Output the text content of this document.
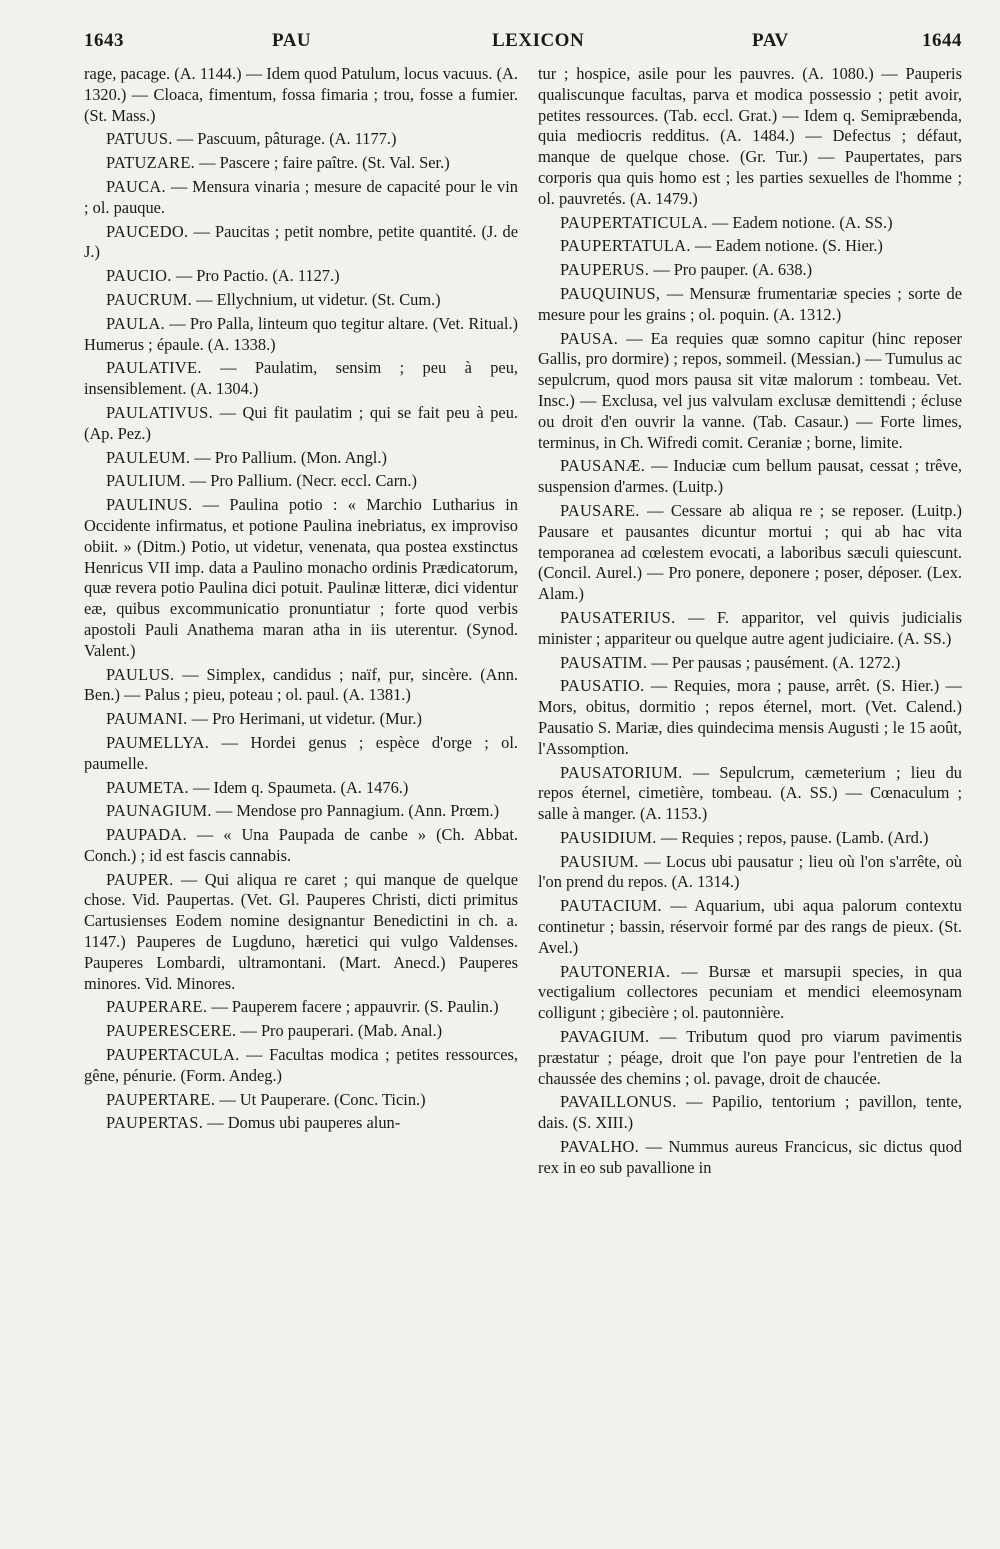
1643	PAU	LEXICON	PAV	1644

rage, pacage. (A. 1144.) — Idem quod Patulum, locus vacuus. (A. 1320.) — Cloaca, fimentum, fossa fimaria ; trou, fosse a fumier. (St. Mass.)

PATUUS. — Pascuum, pâturage. (A. 1177.)

PATUZARE. — Pascere ; faire paître. (St. Val. Ser.)

PAUCA. — Mensura vinaria ; mesure de capacité pour le vin ; ol. pauque.

PAUCEDO. — Paucitas ; petit nombre, petite quantité. (J. de J.)

PAUCIO. — Pro Pactio. (A. 1127.)

PAUCRUM. — Ellychnium, ut videtur. (St. Cum.)

PAULA. — Pro Palla, linteum quo tegitur altare. (Vet. Ritual.) Humerus ; épaule. (A. 1338.)

PAULATIVE. — Paulatim, sensim ; peu à peu, insensiblement. (A. 1304.)

PAULATIVUS. — Qui fit paulatim ; qui se fait peu à peu. (Ap. Pez.)

PAULEUM. — Pro Pallium. (Mon. Angl.)

PAULIUM. — Pro Pallium. (Necr. eccl. Carn.)

PAULINUS. — Paulina potio : « Marchio Lutharius in Occidente infirmatus, et potione Paulina inebriatus, ex improviso obiit. » (Ditm.) Potio, ut videtur, venenata, qua postea exstinctus Henricus VII imp. data a Paulino monacho ordinis Prædicatorum, quæ revera potio Paulina dici potuit. Paulinæ litteræ, dici videntur eæ, quibus excommunicatio pronuntiatur ; forte quod verbis apostoli Pauli Anathema maran atha in iis uterentur. (Synod. Valent.)

PAULUS. — Simplex, candidus ; naïf, pur, sincère. (Ann. Ben.) — Palus ; pieu, poteau ; ol. paul. (A. 1381.)

PAUMANI. — Pro Herimani, ut videtur. (Mur.)

PAUMELLYA. — Hordei genus ; espèce d'orge ; ol. paumelle.

PAUMETA. — Idem q. Spaumeta. (A. 1476.)

PAUNAGIUM. — Mendose pro Pannagium. (Ann. Prœm.)

PAUPADA. — « Una Paupada de canbe » (Ch. Abbat. Conch.) ; id est fascis cannabis.

PAUPER. — Qui aliqua re caret ; qui manque de quelque chose. Vid. Paupertas. (Vet. Gl. Pauperes Christi, dicti primitus Cartusienses Eodem nomine designantur Benedictini in ch. a. 1147.) Pauperes de Lugduno, hæretici qui vulgo Valdenses. Pauperes Lombardi, ultramontani. (Mart. Anecd.) Pauperes minores. Vid. Minores.

PAUPERARE. — Pauperem facere ; appauvrir. (S. Paulin.)

PAUPERESCERE. — Pro pauperari. (Mab. Anal.)

PAUPERTACULA. — Facultas modica ; petites ressources, gêne, pénurie. (Form. Andeg.)

PAUPERTARE. — Ut Pauperare. (Conc. Ticin.)

PAUPERTAS. — Domus ubi pauperes alun-

tur ; hospice, asile pour les pauvres. (A. 1080.) — Pauperis qualiscunque facultas, parva et modica possessio ; petit avoir, petites ressources. (Tab. eccl. Grat.) — Idem q. Semipræbenda, quia mediocris redditus. (A. 1484.) — Defectus ; défaut, manque de quelque chose. (Gr. Tur.) — Paupertates, pars corporis qua quis homo est ; les parties sexuelles de l'homme ; ol. pauvretés. (A. 1479.)

PAUPERTATICULA. — Eadem notione. (A. SS.)

PAUPERTATULA. — Eadem notione. (S. Hier.)

PAUPERUS. — Pro pauper. (A. 638.)

PAUQUINUS, — Mensuræ frumentariæ species ; sorte de mesure pour les grains ; ol. poquin. (A. 1312.)

PAUSA. — Ea requies quæ somno capitur (hinc reposer Gallis, pro dormire) ; repos, sommeil. (Messian.) — Tumulus ac sepulcrum, quod mors pausa sit vitæ malorum : tombeau. Vet. Insc.) — Exclusa, vel jus valvulam exclusæ demittendi ; écluse ou droit d'en ouvrir la vanne. (Tab. Casaur.) — Forte limes, terminus, in Ch. Wifredi comit. Ceraniæ ; borne, limite.

PAUSANÆ. — Induciæ cum bellum pausat, cessat ; trêve, suspension d'armes. (Luitp.)

PAUSARE. — Cessare ab aliqua re ; se reposer. (Luitp.) Pausare et pausantes dicuntur mortui ; qui ab hac vita temporanea ad cœlestem evocati, a laboribus sæculi quiescunt. (Concil. Aurel.) — Pro ponere, deponere ; poser, déposer. (Lex. Alam.)

PAUSATERIUS. — F. apparitor, vel quivis judicialis minister ; appariteur ou quelque autre agent judiciaire. (A. SS.)

PAUSATIM. — Per pausas ; pausément. (A. 1272.)

PAUSATIO. — Requies, mora ; pause, arrêt. (S. Hier.) — Mors, obitus, dormitio ; repos éternel, mort. (Vet. Calend.) Pausatio S. Mariæ, dies quindecima mensis Augusti ; le 15 août, l'Assomption.

PAUSATORIUM. — Sepulcrum, cæmeterium ; lieu du repos éternel, cimetière, tombeau. (A. SS.) — Cœnaculum ; salle à manger. (A. 1153.)

PAUSIDIUM. — Requies ; repos, pause. (Lamb. (Ard.)

PAUSIUM. — Locus ubi pausatur ; lieu où l'on s'arrête, où l'on prend du repos. (A. 1314.)

PAUTACIUM. — Aquarium, ubi aqua palorum contextu continetur ; bassin, réservoir formé par des rangs de pieux. (St. Avel.)

PAUTONERIA. — Bursæ et marsupii species, in qua vectigalium collectores pecuniam et mendici eleemosynam colligunt ; gibecière ; ol. pautonnière.

PAVAGIUM. — Tributum quod pro viarum pavimentis præstatur ; péage, droit que l'on paye pour l'entretien de la chaussée des chemins ; ol. pavage, droit de chaucée.

PAVAILLONUS. — Papilio, tentorium ; pavillon, tente, dais. (S. XIII.)

PAVALHO. — Nummus aureus Francicus, sic dictus quod rex in eo sub pavallione in
